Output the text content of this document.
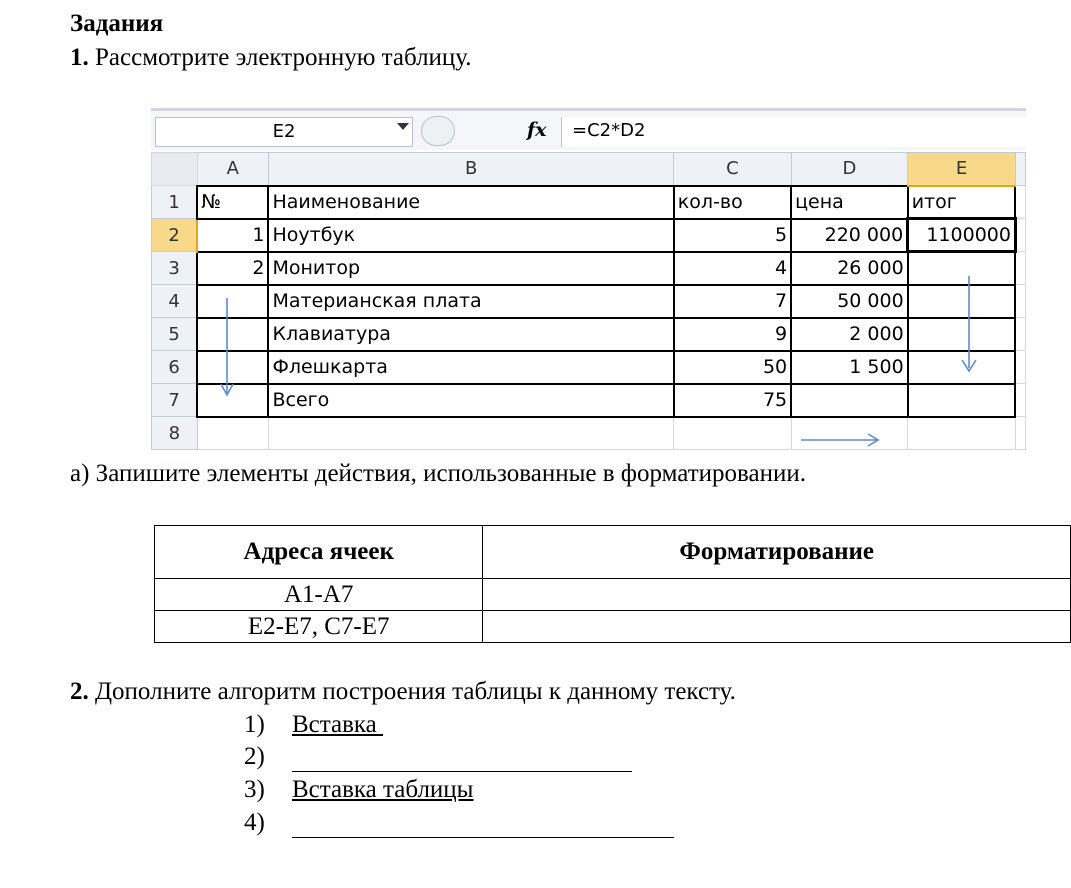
Задания
1. Рассмотрите электронную таблицу.
E2	fx	=C2*D2
	A	B	C	D	E	
1	№	Наименование	кол-во	цена	итог	
2	1	Ноутбук	5	220 000	1100000	
3	2	Монитор	4	26 000		
4		Материанская плата	7	50 000		
5		Клавиатура	9	2 000		
6		Флешкарта	50	1 500		
7		Всего	75			
8						
а) Запишите элементы действия, использованные в форматировании.
Адреса ячеек	Форматирование
A1-A7	
E2-E7, C7-E7	
2. Дополните алгоритм построения таблицы к данному тексту.
1) Вставка
2)
3) Вставка таблицы
4)
